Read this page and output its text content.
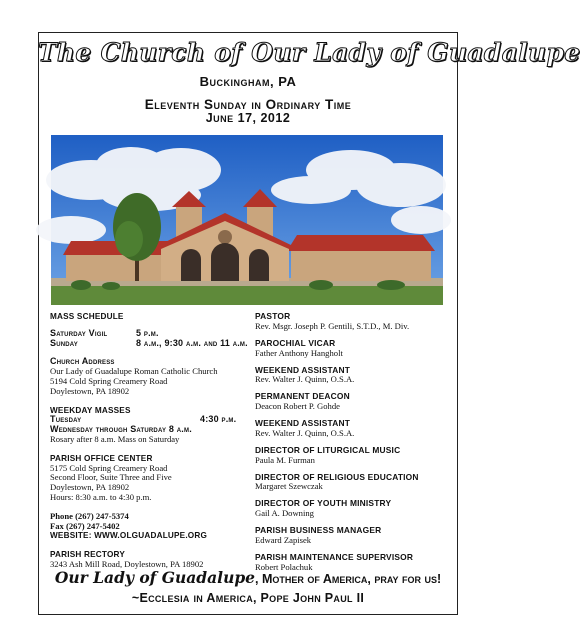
The Church of Our Lady of Guadalupe
Buckingham, PA
Eleventh Sunday in Ordinary Time
June 17, 2012
MASS SCHEDULE
Saturday Vigil	5 p.m.
Sunday	8 a.m., 9:30 a.m. and 11 a.m.
Church Address
Our Lady of Guadalupe Roman Catholic Church
5194 Cold Spring Creamery Road
Doylestown, PA 18902
WEEKDAY MASSES
Tuesday	4:30 p.m.
Wednesday through Saturday 8 a.m.
Rosary after 8 a.m. Mass on Saturday
PARISH OFFICE CENTER
5175 Cold Spring Creamery Road
Second Floor, Suite Three and Five
Doylestown, PA 18902
Hours: 8:30 a.m. to 4:30 p.m.
Phone (267) 247-5374
Fax (267) 247-5402
WEBSITE: WWW.OLGUADALUPE.ORG
PARISH RECTORY
3243 Ash Mill Road, Doylestown, PA 18902
PASTOR
Rev. Msgr. Joseph P. Gentili, S.T.D., M. Div.
PAROCHIAL VICAR
Father Anthony Hangholt
WEEKEND ASSISTANT
Rev. Walter J. Quinn, O.S.A.
PERMANENT DEACON
Deacon Robert P. Gohde
WEEKEND ASSISTANT
Rev. Walter J. Quinn, O.S.A.
DIRECTOR OF LITURGICAL MUSIC
Paula M. Furman
DIRECTOR OF RELIGIOUS EDUCATION
Margaret Szewczak
DIRECTOR OF YOUTH MINISTRY
Gail A. Downing
PARISH BUSINESS MANAGER
Edward Zapisek
PARISH MAINTENANCE SUPERVISOR
Robert Polachuk
Our Lady of Guadalupe, Mother of America, pray for us!
~Ecclesia in America, Pope John Paul II
